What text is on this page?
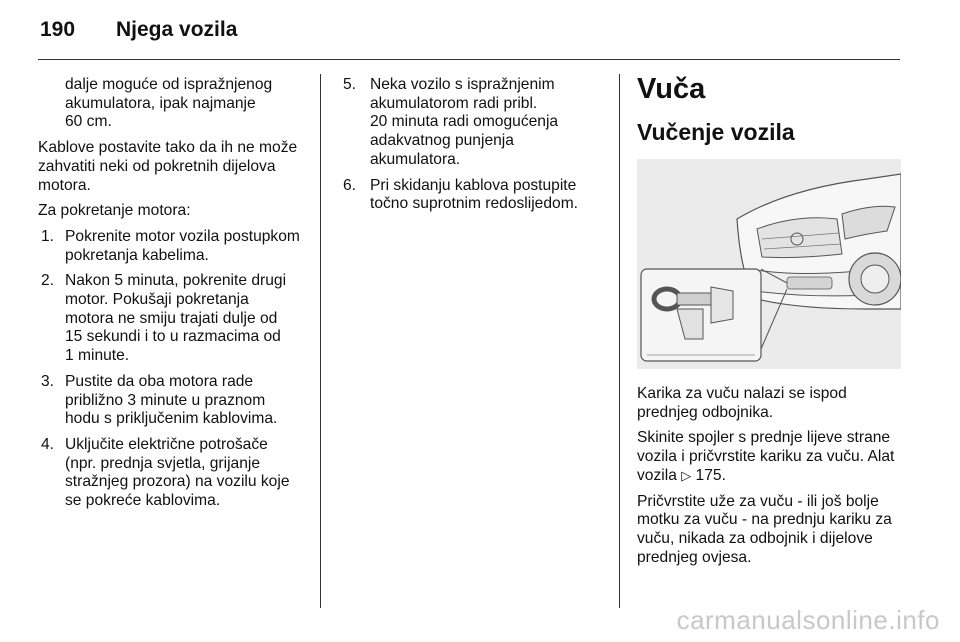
190 Njega vozila
dalje moguće od ispražnjenog
akumulatora, ipak najmanje
60 cm.
Kablove postavite tako da ih ne može
zahvatiti neki od pokretnih dijelova
motora.
Za pokretanje motora:
1. Pokrenite motor vozila postupkom
pokretanja kabelima.
2. Nakon 5 minuta, pokrenite drugi
motor. Pokušaji pokretanja
motora ne smiju trajati dulje od
15 sekundi i to u razmacima od
1 minute.
3. Pustite da oba motora rade
približno 3 minute u praznom
hodu s priključenim kablovima.
4. Uključite električne potrošače
(npr. prednja svjetla, grijanje
stražnjeg prozora) na vozilu koje
se pokreće kablovima.
5. Neka vozilo s ispražnjenim
akumulatorom radi pribl.
20 minuta radi omogućenja
adakvatnog punjenja
akumulatora.
6. Pri skidanju kablova postupite
točno suprotnim redoslijedom.
Vuča
Vučenje vozila
Karika za vuču nalazi se ispod
prednjeg odbojnika.
Skinite spojler s prednje lijeve strane
vozila i pričvrstite kariku za vuču. Alat
vozila ▷ 175.
Pričvrstite uže za vuču - ili još bolje
motku za vuču - na prednju kariku za
vuču, nikada za odbojnik i dijelove
prednjeg ovjesa.
carmanualsonline.info
